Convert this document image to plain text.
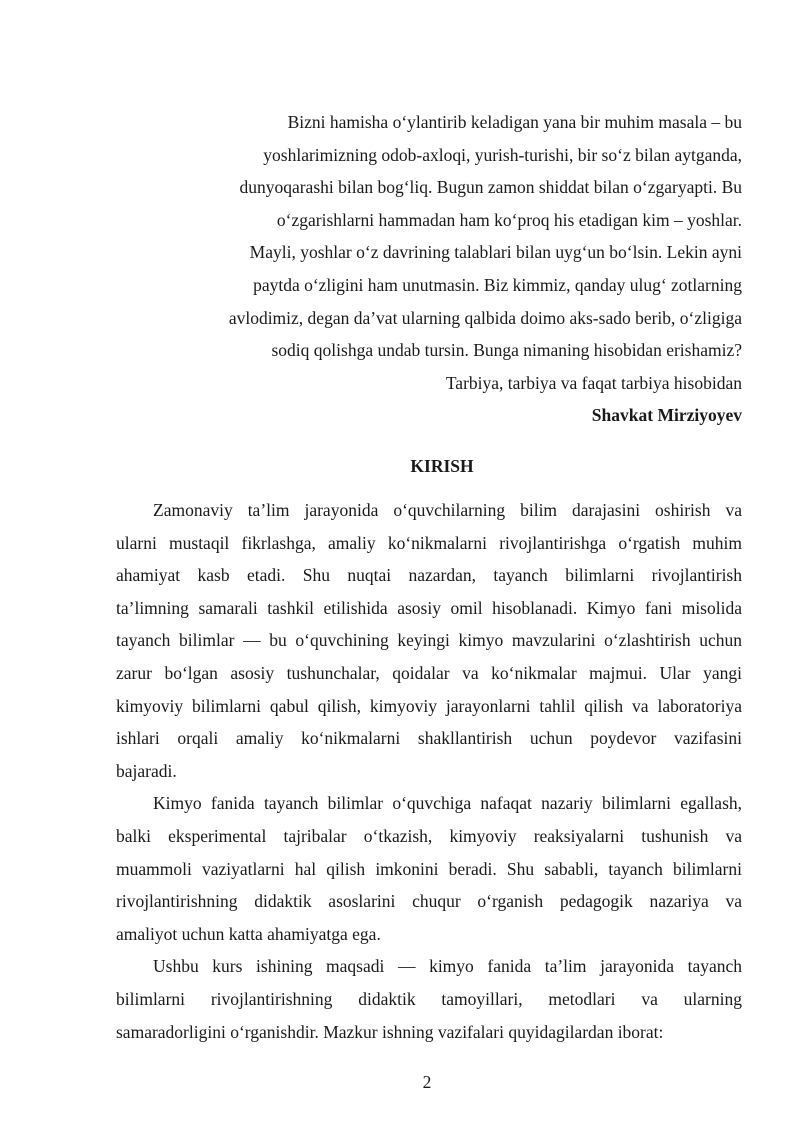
Bizni hamisha o‘ylantirib keladigan yana bir muhim masala – bu
yoshlarimizning odob-axloqi, yurish-turishi, bir so‘z bilan aytganda,
dunyoqarashi bilan bog‘liq. Bugun zamon shiddat bilan o‘zgaryapti. Bu
o‘zgarishlarni hammadan ham ko‘proq his etadigan kim – yoshlar.
Mayli, yoshlar o‘z davrining talablari bilan uyg‘un bo‘lsin. Lekin ayni
paytda o‘zligini ham unutmasin. Biz kimmiz, qanday ulug‘ zotlarning
avlodimiz, degan da’vat ularning qalbida doimo aks-sado berib, o‘zligiga
sodiq qolishga undab tursin. Bunga nimaning hisobidan erishamiz?
Tarbiya, tarbiya va faqat tarbiya hisobidan
Shavkat Mirziyoyev
KIRISH

Zamonaviy ta’lim jarayonida o‘quvchilarning bilim darajasini oshirish va
ularni mustaqil fikrlashga, amaliy ko‘nikmalarni rivojlantirishga o‘rgatish muhim
ahamiyat kasb etadi. Shu nuqtai nazardan, tayanch bilimlarni rivojlantirish
ta’limning samarali tashkil etilishida asosiy omil hisoblanadi. Kimyo fani misolida
tayanch bilimlar — bu o‘quvchining keyingi kimyo mavzularini o‘zlashtirish uchun
zarur bo‘lgan asosiy tushunchalar, qoidalar va ko‘nikmalar majmui. Ular yangi
kimyoviy bilimlarni qabul qilish, kimyoviy jarayonlarni tahlil qilish va laboratoriya
ishlari orqali amaliy ko‘nikmalarni shakllantirish uchun poydevor vazifasini
bajaradi.

Kimyo fanida tayanch bilimlar o‘quvchiga nafaqat nazariy bilimlarni egallash,
balki eksperimental tajribalar o‘tkazish, kimyoviy reaksiyalarni tushunish va
muammoli vaziyatlarni hal qilish imkonini beradi. Shu sababli, tayanch bilimlarni
rivojlantirishning didaktik asoslarini chuqur o‘rganish pedagogik nazariya va
amaliyot uchun katta ahamiyatga ega.

Ushbu kurs ishining maqsadi — kimyo fanida ta’lim jarayonida tayanch
bilimlarni rivojlantirishning didaktik tamoyillari, metodlari va ularning
samaradorligini o‘rganishdir. Mazkur ishning vazifalari quyidagilardan iborat:

2
